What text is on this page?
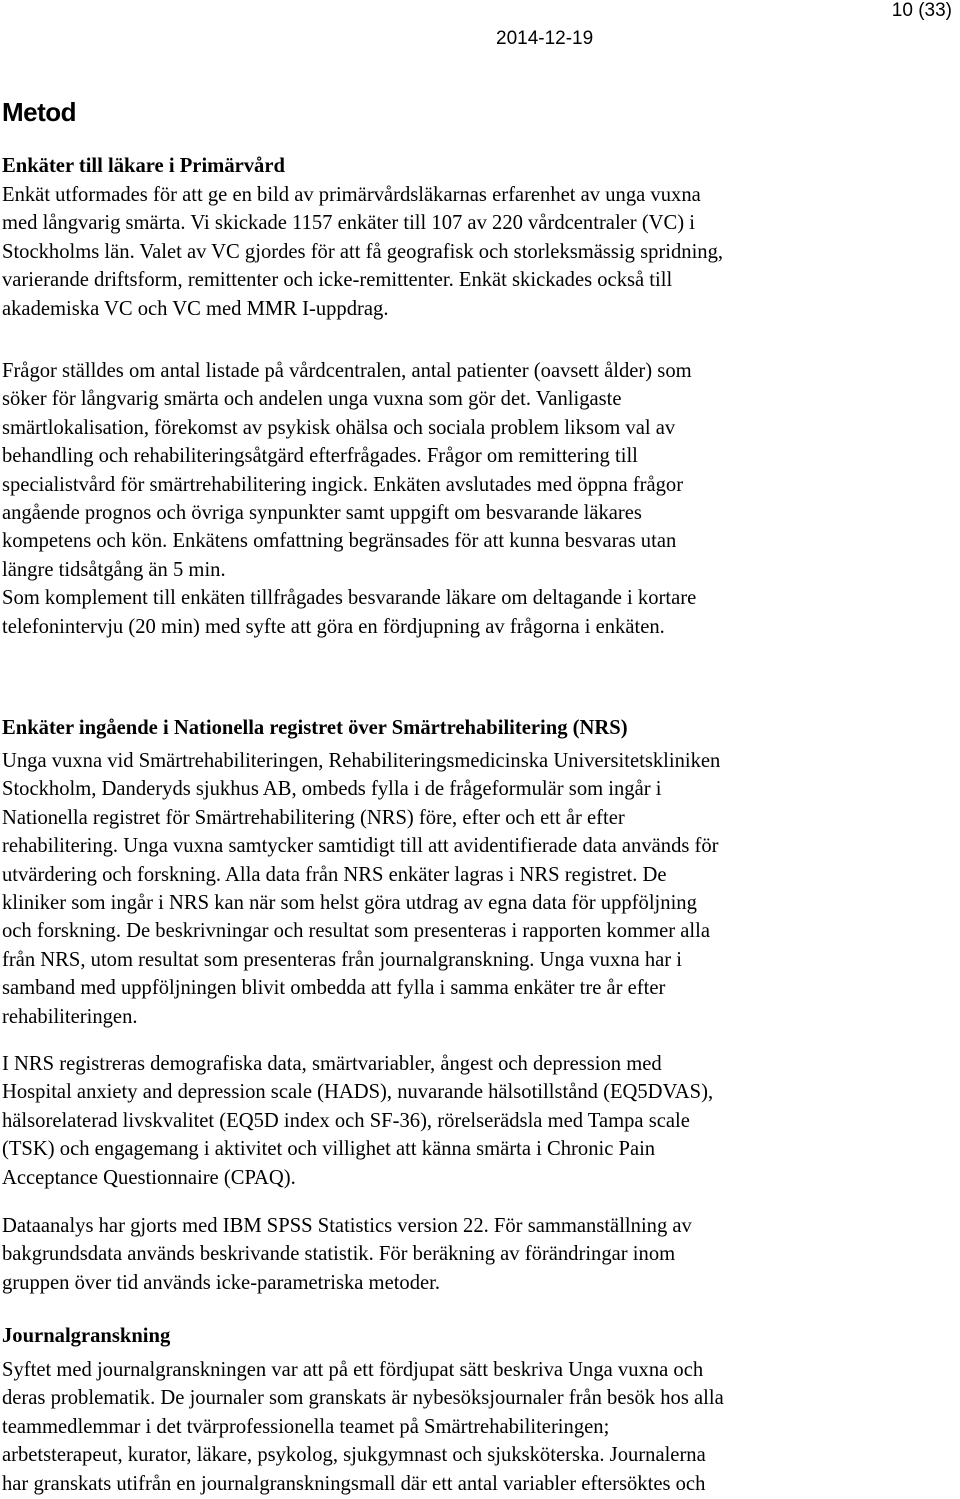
2014-12-19
10 (33)
Metod
Enkäter till läkare i Primärvård
Enkät utformades för att ge en bild av primärvårdsläkarnas erfarenhet av unga vuxna
med långvarig smärta. Vi skickade 1157 enkäter till 107 av 220 vårdcentraler (VC) i
Stockholms län. Valet av VC gjordes för att få geografisk och storleksmässig spridning,
varierande driftsform, remittenter och icke-remittenter. Enkät skickades också till
akademiska VC och VC med MMR I-uppdrag.
Frågor ställdes om antal listade på vårdcentralen, antal patienter (oavsett ålder) som
söker för långvarig smärta och andelen unga vuxna som gör det. Vanligaste
smärtlokalisation, förekomst av psykisk ohälsa och sociala problem liksom val av
behandling och rehabiliteringsåtgärd efterfrågades. Frågor om remittering till
specialistvård för smärtrehabilitering ingick. Enkäten avslutades med öppna frågor
angående prognos och övriga synpunkter samt uppgift om besvarande läkares
kompetens och kön. Enkätens omfattning begränsades för att kunna besvaras utan
längre tidsåtgång än 5 min.
Som komplement till enkäten tillfrågades besvarande läkare om deltagande i kortare
telefonintervju (20 min) med syfte att göra en fördjupning av frågorna i enkäten.
Enkäter ingående i Nationella registret över Smärtrehabilitering (NRS)
Unga vuxna vid Smärtrehabiliteringen, Rehabiliteringsmedicinska Universitetskliniken
Stockholm, Danderyds sjukhus AB, ombeds fylla i de frågeformulär som ingår i
Nationella registret för Smärtrehabilitering (NRS) före, efter och ett år efter
rehabilitering. Unga vuxna samtycker samtidigt till att avidentifierade data används för
utvärdering och forskning. Alla data från NRS enkäter lagras i NRS registret. De
kliniker som ingår i NRS kan när som helst göra utdrag av egna data för uppföljning
och forskning. De beskrivningar och resultat som presenteras i rapporten kommer alla
från NRS, utom resultat som presenteras från journalgranskning. Unga vuxna har i
samband med uppföljningen blivit ombedda att fylla i samma enkäter tre år efter
rehabiliteringen.
I NRS registreras demografiska data, smärtvariabler, ångest och depression med
Hospital anxiety and depression scale (HADS), nuvarande hälsotillstånd (EQ5DVAS),
hälsorelaterad livskvalitet (EQ5D index och SF-36), rörelserädsla med Tampa scale
(TSK) och engagemang i aktivitet och villighet att känna smärta i Chronic Pain
Acceptance Questionnaire (CPAQ).
Dataanalys har gjorts med IBM SPSS Statistics version 22. För sammanställning av
bakgrundsdata används beskrivande statistik. För beräkning av förändringar inom
gruppen över tid används icke-parametriska metoder.
Journalgranskning
Syftet med journalgranskningen var att på ett fördjupat sätt beskriva Unga vuxna och
deras problematik. De journaler som granskats är nybesöksjournaler från besök hos alla
teammedlemmar i det tvärprofessionella teamet på Smärtrehabiliteringen;
arbetsterapeut, kurator, läkare, psykolog, sjukgymnast och sjuksköterska. Journalerna
har granskats utifrån en journalgranskningsmall där ett antal variabler eftersöktes och
